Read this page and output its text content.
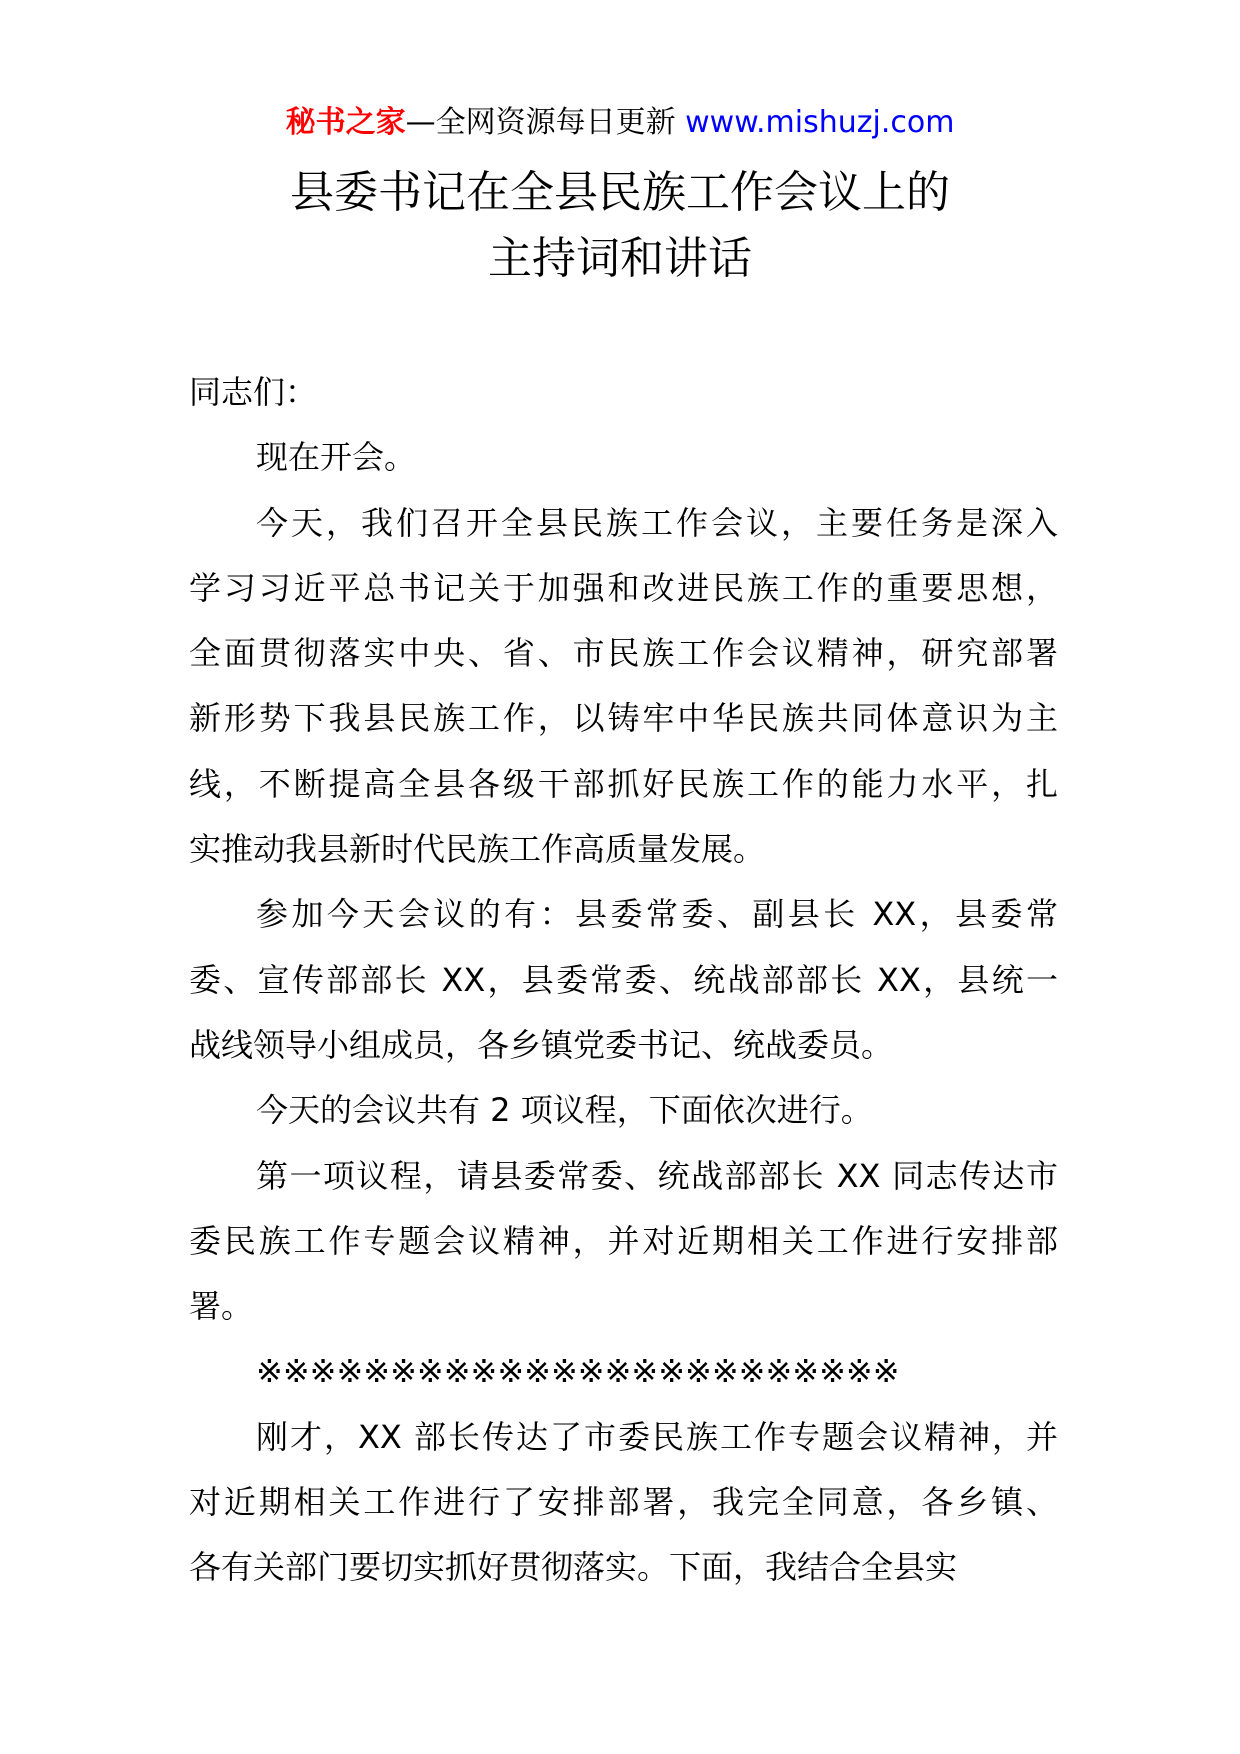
秘书之家—全网资源每日更新 www.mishuzj.com
县委书记在全县民族工作会议上的
主持词和讲话
同志们：
现在开会。
今天，我们召开全县民族工作会议，主要任务是深入
学习习近平总书记关于加强和改进民族工作的重要思想，
全面贯彻落实中央、省、市民族工作会议精神，研究部署
新形势下我县民族工作，以铸牢中华民族共同体意识为主
线，不断提高全县各级干部抓好民族工作的能力水平，扎
实推动我县新时代民族工作高质量发展。
参加今天会议的有：县委常委、副县长 XX，县委常
委、宣传部部长 XX，县委常委、统战部部长 XX，县统一
战线领导小组成员，各乡镇党委书记、统战委员。
今天的会议共有 2 项议程，下面依次进行。
第一项议程，请县委常委、统战部部长 XX 同志传达市
委民族工作专题会议精神，并对近期相关工作进行安排部
署。
※※※※※※※※※※※※※※※※※※※※※※※※
刚才，XX 部长传达了市委民族工作专题会议精神，并
对近期相关工作进行了安排部署，我完全同意，各乡镇、
各有关部门要切实抓好贯彻落实。下面，我结合全县实
